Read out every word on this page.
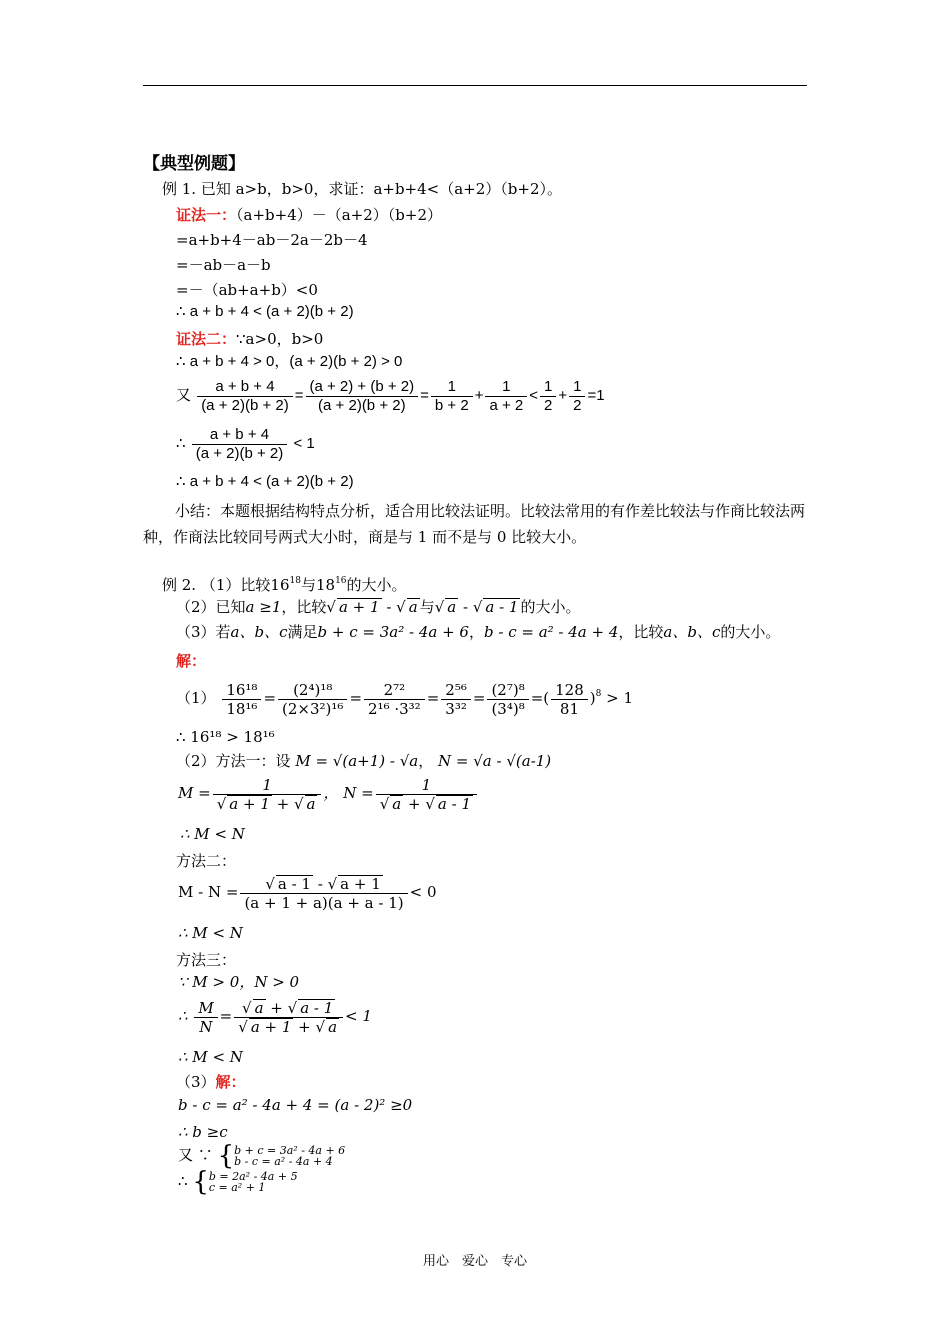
【典型例题】
例 1. 已知 a>b，b>0，求证：a+b+4<（a+2）（b+2）。
证法一：（a+b+4）－（a+2）（b+2）
=a+b+4－ab－2a－2b－4
=－ab－a－b
=－（ab+a+b）<0
∴ a + b + 4 < (a + 2)(b + 2)
证法二：∵a>0，b>0
∴ a + b + 4 > 0，(a + 2)(b + 2) > 0
又 $\frac{a + b + 4}{(a + 2)(b + 2)} = \frac{(a + 2) + (b + 2)}{(a + 2)(b + 2)} = \frac{1}{b + 2} + \frac{1}{a + 2} < \frac{1}{2} + \frac{1}{2} =1$
∴ $\frac{a + b + 4}{(a + 2)(b + 2)} < 1$
∴ a + b + 4 < (a + 2)(b + 2)
小结：本题根据结构特点分析，适合用比较法证明。比较法常用的有作差比较法与作商比较法两种，作商法比较同号两式大小时，商是与 1 而不是与 0 比较大小。
例 2. （1）比较$16^{18}$与$18^{16}$的大小。
（2）已知a ≥1，比较√ a + 1 - √ a 与√ a - √ a - 1 的大小。
（3）若a、b、c满足b + c = 3a² - 4a + 6，b - c = a² - 4a + 4，比较a、b、c的大小。
解：
$(1) \frac{\text{16¹⁸}}{\text{18¹⁶}} = \frac{\text{(2⁴)¹⁸}}{\text{(2×3²)¹⁶}} = \frac{\text{2⁷²}}{\text{2¹⁶ ·3³²}} = \frac{\text{2⁵⁶}}{\text{3³²}} = \frac{\text{(2⁷)⁸}}{\text{(3⁴)⁸}}$ =( $\frac{128}{81} )^8 > 1$
∴ 16¹⁸ > 18¹⁶
（2）方法一：设 M = √(a+1) - √a， N = √a - √(a-1)
$M = \frac{1}{√ a + 1 + √ a}$ ， $N = \frac{1}{√ a + √ a - 1}$
∴ M < N
方法二：
$M - N = \frac{√ a - 1 - √ a + 1}{(a + 1 + a)(a + a - 1)} < 0$
∴ M < N
方法三：
∵ M > 0，N > 0
∴ $\frac{M}{N} = \frac{√ a + √ a - 1}{√ a + 1 + √ a} < 1$
∴ M < N
（3）解：
b - c = a² - 4a + 4 = (a - 2)² ≥0
∴ b ≥c
又 ∵ { b + c = 3a² - 4a + 6
b - c = a² - 4a + 4
∴ { b = 2a² - 4a + 5
c = a² + 1
用心　爱心　专心
